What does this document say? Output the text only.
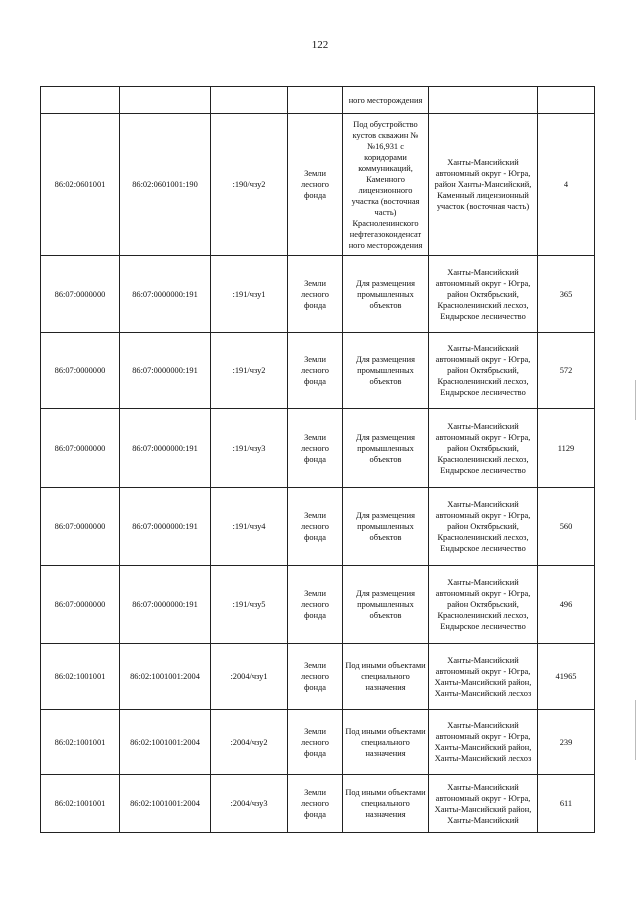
122
				ного месторождения		
86:02:0601001	86:02:0601001:190	:190/чзу2	Земли лесного фонда	Под обустройство кустов скважин №№16,931 с коридорами коммуникаций, Каменного лицензионного участка (восточная часть) Красноленинского нефтегазоконденсат ного месторождения	Ханты-Мансийский автономный округ - Югра, район Ханты-Мансийский, Каменный лицензионный участок (восточная часть)	4
86:07:0000000	86:07:0000000:191	:191/чзу1	Земли лесного фонда	Для размещения промышленных объектов	Ханты-Мансийский автономный округ - Югра, район Октябрьский, Красноленинский лесхоз, Ендырское лесничество	365
86:07:0000000	86:07:0000000:191	:191/чзу2	Земли лесного фонда	Для размещения промышленных объектов	Ханты-Мансийский автономный округ - Югра, район Октябрьский, Красноленинский лесхоз, Ендырское лесничество	572
86:07:0000000	86:07:0000000:191	:191/чзу3	Земли лесного фонда	Для размещения промышленных объектов	Ханты-Мансийский автономный округ - Югра, район Октябрьский, Красноленинский лесхоз, Ендырское лесничество	1129
86:07:0000000	86:07:0000000:191	:191/чзу4	Земли лесного фонда	Для размещения промышленных объектов	Ханты-Мансийский автономный округ - Югра, район Октябрьский, Красноленинский лесхоз, Ендырское лесничество	560
86:07:0000000	86:07:0000000:191	:191/чзу5	Земли лесного фонда	Для размещения промышленных объектов	Ханты-Мансийский автономный округ - Югра, район Октябрьский, Красноленинский лесхоз, Ендырское лесничество	496
86:02:1001001	86:02:1001001:2004	:2004/чзу1	Земли лесного фонда	Под иными объектами специального назначения	Ханты-Мансийский автономный округ - Югра, Ханты-Мансийский район, Ханты-Мансийский лесхоз	41965
86:02:1001001	86:02:1001001:2004	:2004/чзу2	Земли лесного фонда	Под иными объектами специального назначения	Ханты-Мансийский автономный округ - Югра, Ханты-Мансийский район, Ханты-Мансийский лесхоз	239
86:02:1001001	86:02:1001001:2004	:2004/чзу3	Земли лесного фонда	Под иными объектами специального назначения	Ханты-Мансийский автономный округ - Югра, Ханты-Мансийский район, Ханты-Мансийский	611
